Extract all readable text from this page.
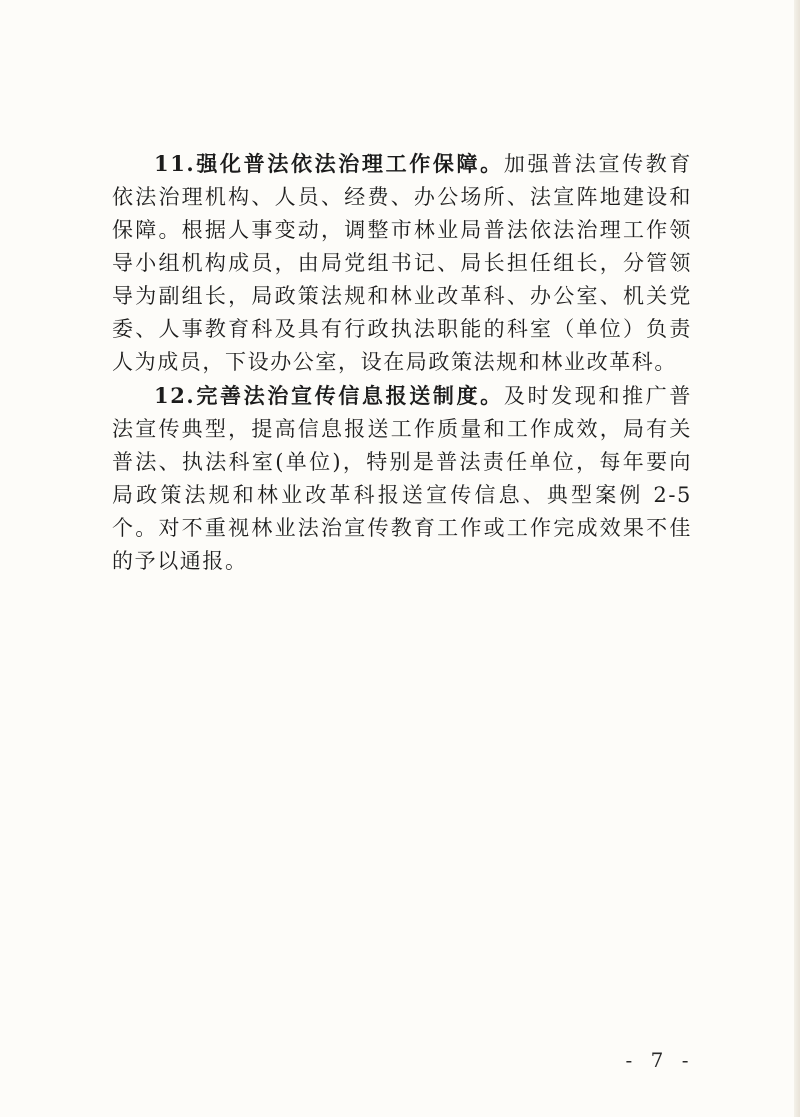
11.强化普法依法治理工作保障。加强普法宣传教育依法治理机构、人员、经费、办公场所、法宣阵地建设和保障。根据人事变动，调整市林业局普法依法治理工作领导小组机构成员，由局党组书记、局长担任组长，分管领导为副组长，局政策法规和林业改革科、办公室、机关党委、人事教育科及具有行政执法职能的科室（单位）负责人为成员，下设办公室，设在局政策法规和林业改革科。

12.完善法治宣传信息报送制度。及时发现和推广普法宣传典型，提高信息报送工作质量和工作成效，局有关普法、执法科室(单位)，特别是普法责任单位，每年要向局政策法规和林业改革科报送宣传信息、典型案例 2-5 个。对不重视林业法治宣传教育工作或工作完成效果不佳的予以通报。

- 7 -
